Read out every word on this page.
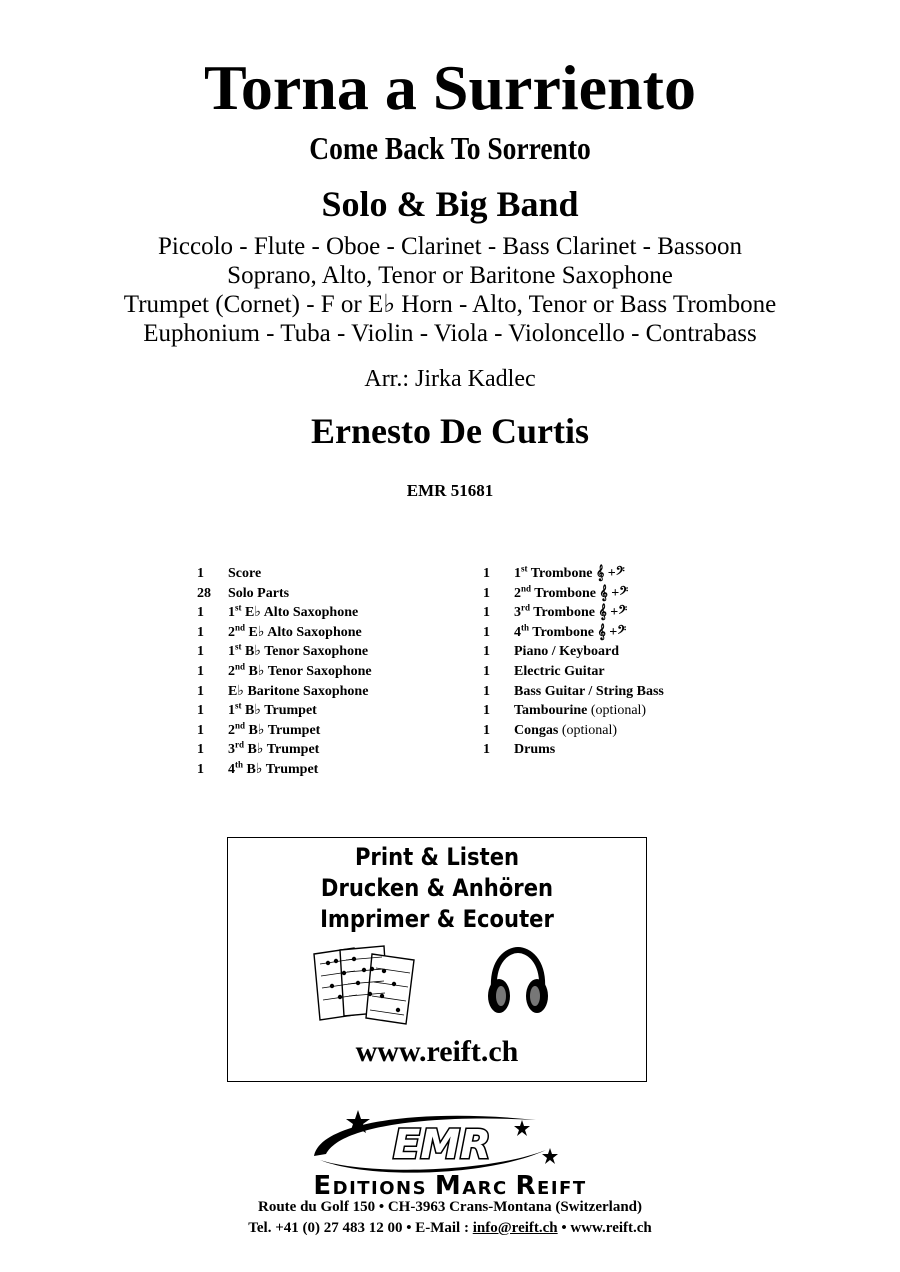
Torna a Surriento
Come Back To Sorrento
Solo & Big Band
Piccolo - Flute - Oboe - Clarinet - Bass Clarinet - Bassoon
Soprano, Alto, Tenor or Baritone Saxophone
Trumpet (Cornet) - F or E♭ Horn - Alto, Tenor or Bass Trombone
Euphonium - Tuba - Violin - Viola - Violoncello - Contrabass
Arr.: Jirka Kadlec
Ernesto De Curtis
EMR 51681
1	Score
28	Solo Parts
1	1st E♭ Alto Saxophone
1	2nd E♭ Alto Saxophone
1	1st B♭ Tenor Saxophone
1	2nd B♭ Tenor Saxophone
1	E♭ Baritone Saxophone
1	1st B♭ Trumpet
1	2nd B♭ Trumpet
1	3rd B♭ Trumpet
1	4th B♭ Trumpet
1	1st Trombone 𝄞 +𝄢
1	2nd Trombone 𝄞 +𝄢
1	3rd Trombone 𝄞 +𝄢
1	4th Trombone 𝄞 +𝄢
1	Piano / Keyboard
1	Electric Guitar
1	Bass Guitar / String Bass
1	Tambourine (optional)
1	Congas (optional)
1	Drums
Print & Listen
Drucken & Anhören
Imprimer & Ecouter
www.reift.ch
EMR
EDITIONS MARC REIFT
Route du Golf 150 • CH-3963 Crans-Montana (Switzerland)
Tel. +41 (0) 27 483 12 00 • E-Mail : info@reift.ch • www.reift.ch
